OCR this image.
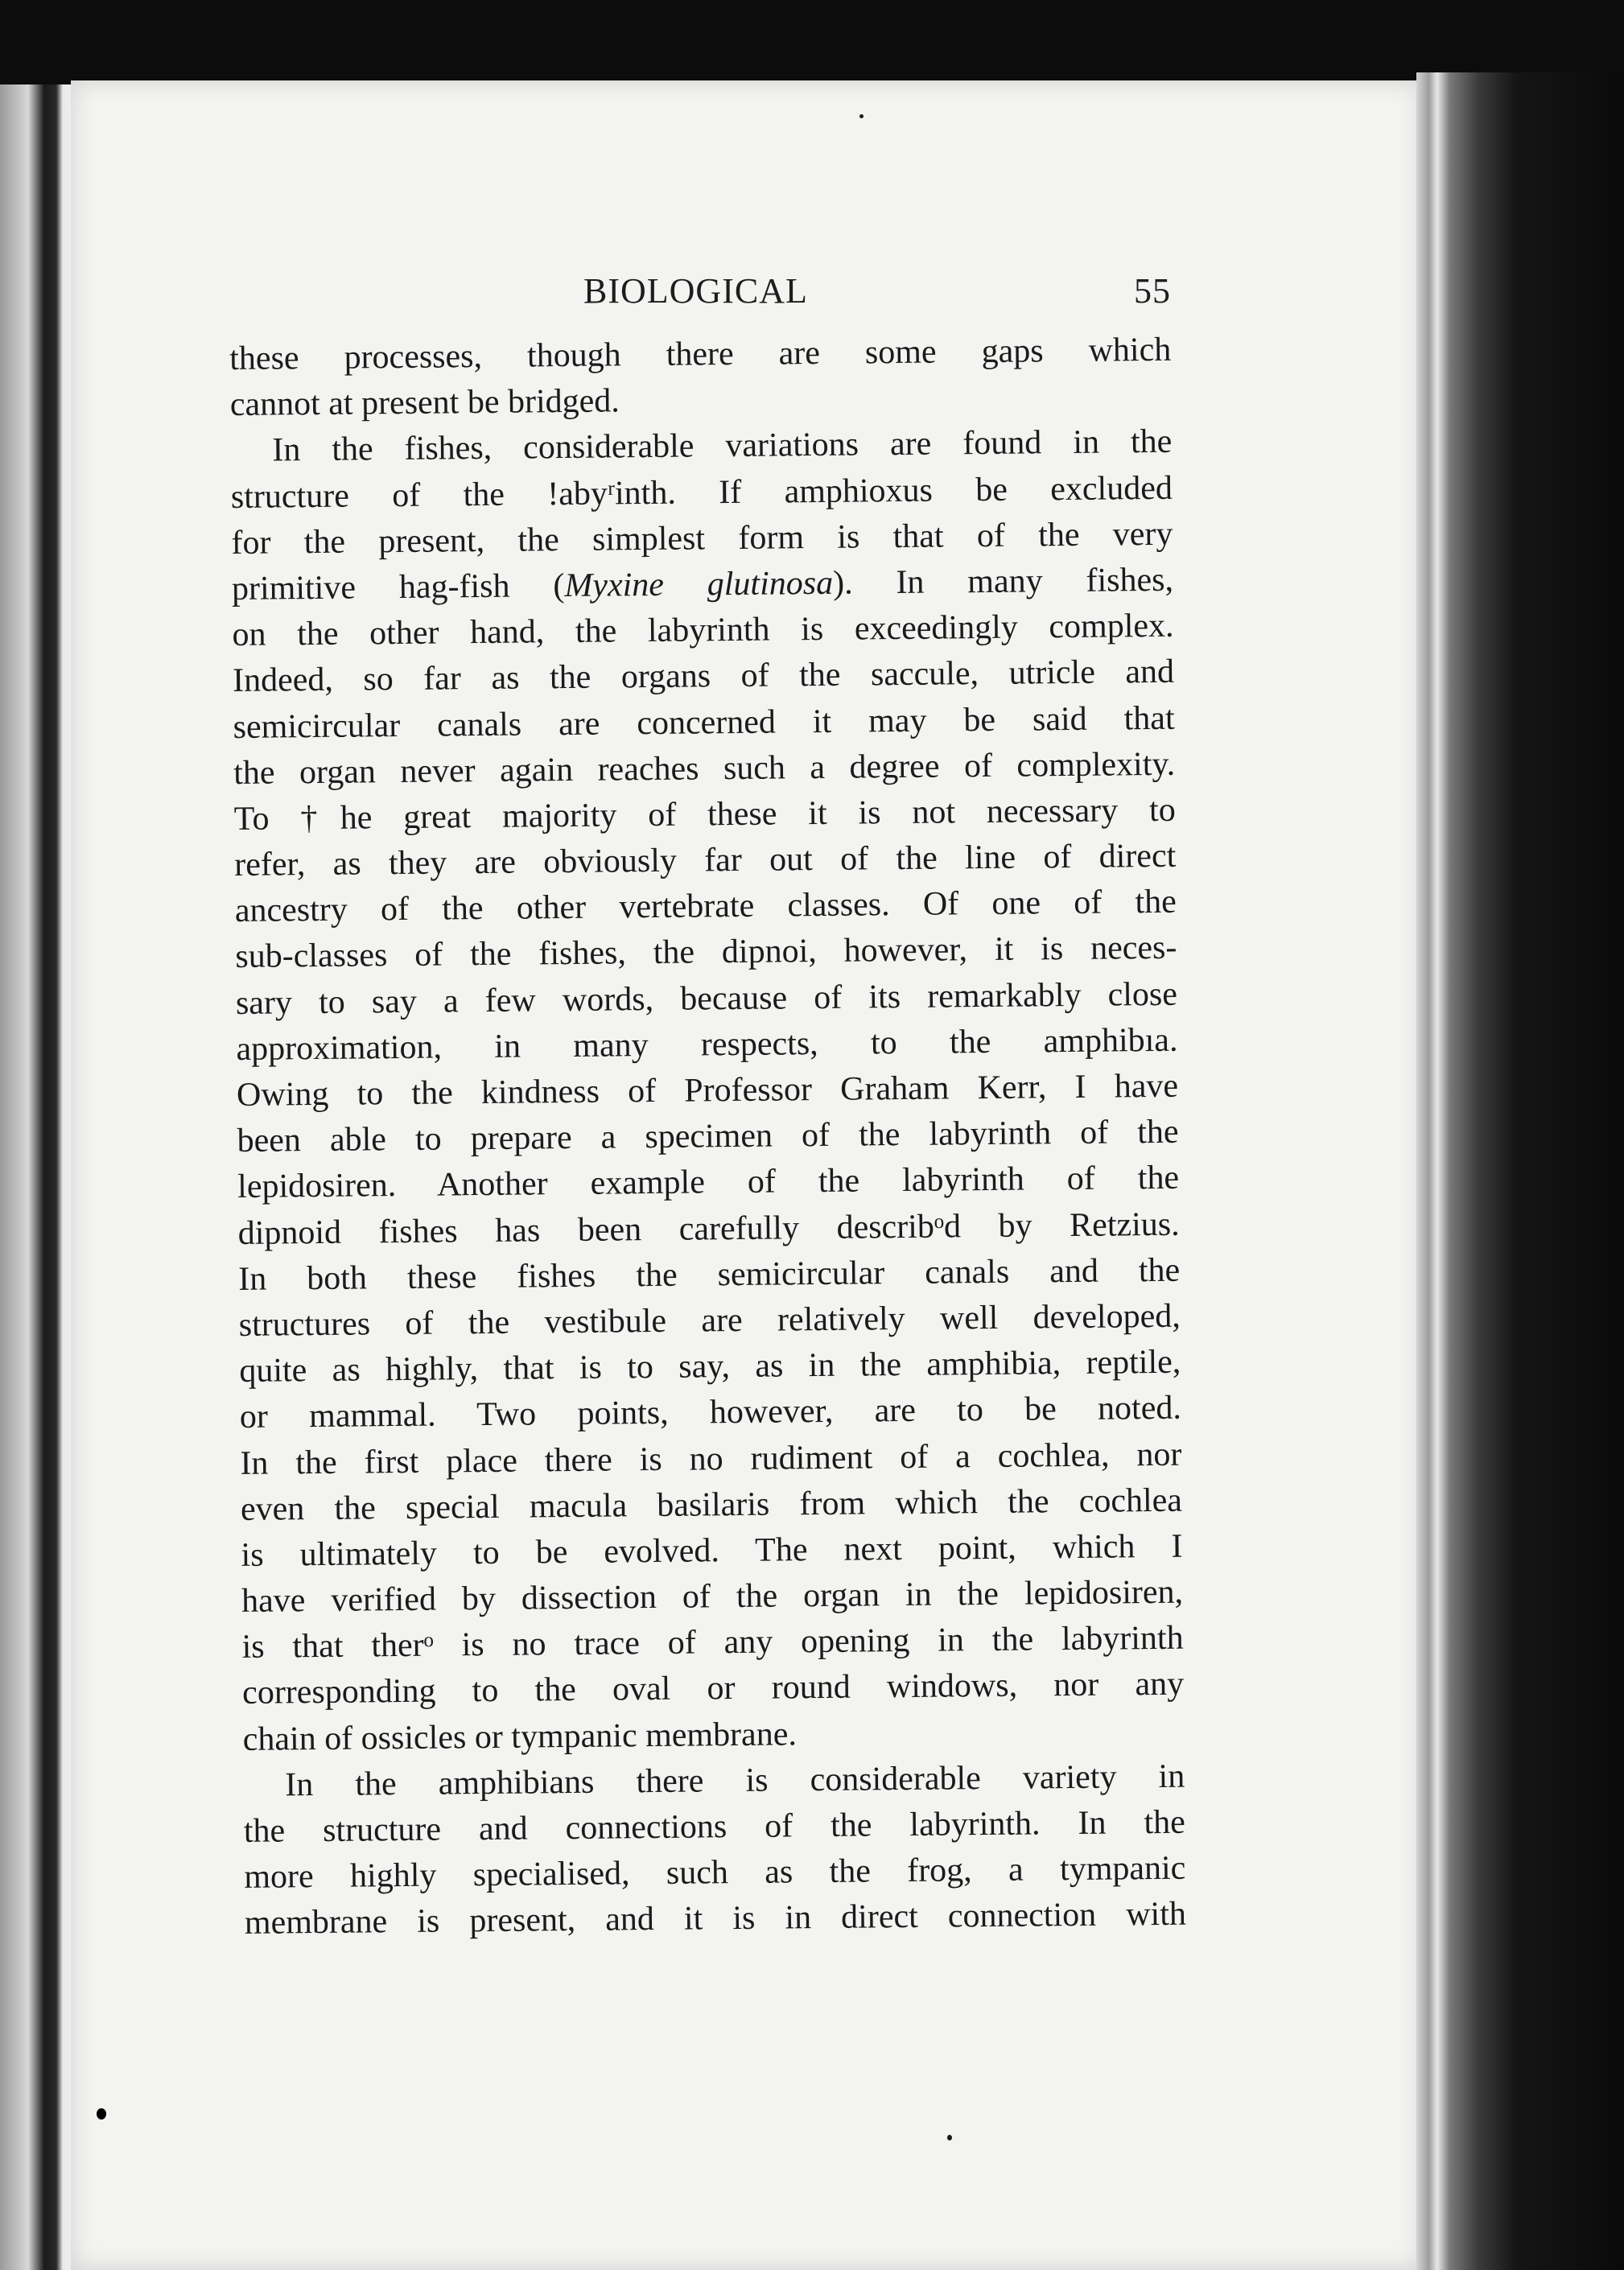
BIOLOGICAL	55
these processes, though there are some gaps which
cannot at present be bridged.
In the fishes, considerable variations are found in the
structure of the !abyʳinth. If amphioxus be excluded
for the present, the simplest form is that of the very
primitive hag-fish (Myxine glutinosa). In many fishes,
on the other hand, the labyrinth is exceedingly complex.
Indeed, so far as the organs of the saccule, utricle and
semicircular canals are concerned it may be said that
the organ never again reaches such a degree of complexity.
To †he great majority of these it is not necessary to
refer, as they are obviously far out of the line of direct
ancestry of the other vertebrate classes. Of one of the
sub-classes of the fishes, the dipnoi, however, it is neces-
sary to say a few words, because of its remarkably close
approximation, in many respects, to the amphibıa.
Owing to the kindness of Professor Graham Kerr, I have
been able to prepare a specimen of the labyrinth of the
lepidosiren. Another example of the labyrinth of the
dipnoid fishes has been carefully describᵒd by Retzius.
In both these fishes the semicircular canals and the
structures of the vestibule are relatively well developed,
quite as highly, that is to say, as in the amphibia, reptile,
or mammal. Two points, however, are to be noted.
In the first place there is no rudiment of a cochlea, nor
even the special macula basilaris from which the cochlea
is ultimately to be evolved. The next point, which I
have verified by dissection of the organ in the lepidosiren,
is that therᵒ is no trace of any opening in the labyrinth
corresponding to the oval or round windows, nor any
chain of ossicles or tympanic membrane.
In the amphibians there is considerable variety in
the structure and connections of the labyrinth. In the
more highly specialised, such as the frog, a tympanic
membrane is present, and it is in direct connection with
